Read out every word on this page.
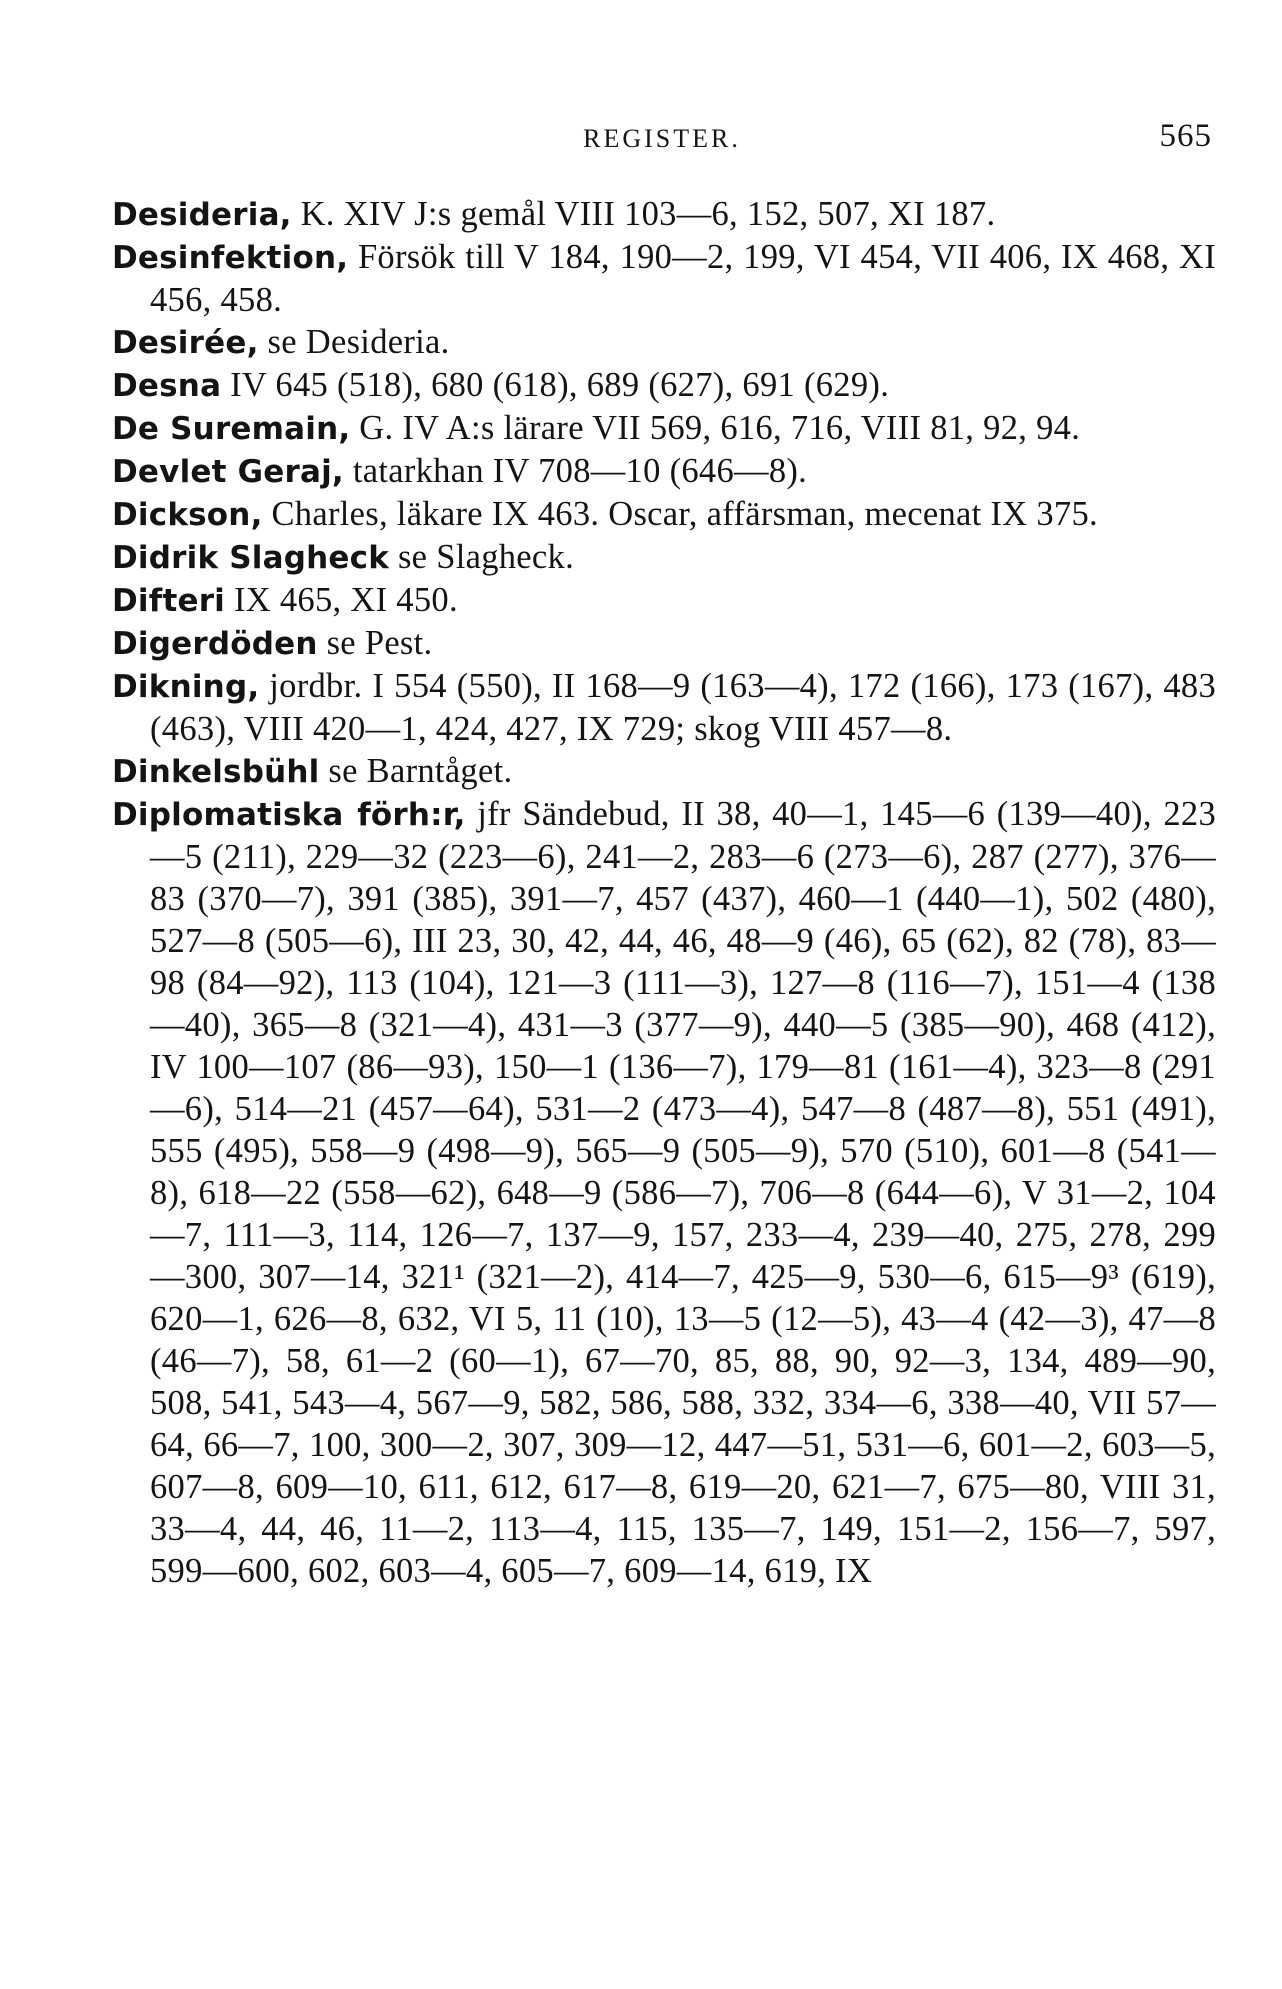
REGISTER.	565
Desideria, K. XIV J:s gemål VIII 103—6, 152, 507, XI 187.
Desinfektion, Försök till V 184, 190—2, 199, VI 454, VII 406, IX 468, XI 456, 458.
Desirée, se Desideria.
Desna IV 645 (518), 680 (618), 689 (627), 691 (629).
De Suremain, G. IV A:s lärare VII 569, 616, 716, VIII 81, 92, 94.
Devlet Geraj, tatarkhan IV 708—10 (646—8).
Dickson, Charles, läkare IX 463. Oscar, affärsman, mecenat IX 375.
Didrik Slagheck se Slagheck.
Difteri IX 465, XI 450.
Digerdöden se Pest.
Dikning, jordbr. I 554 (550), II 168—9 (163—4), 172 (166), 173 (167), 483 (463), VIII 420—1, 424, 427, IX 729; skog VIII 457—8.
Dinkelsbühl se Barntåget.
Diplomatiska förh:r, jfr Sändebud, II 38, 40—1, 145—6 (139—40), 223—5 (211), 229—32 (223—6), 241—2, 283—6 (273—6), 287 (277), 376—83 (370—7), 391 (385), 391—7, 457 (437), 460—1 (440—1), 502 (480), 527—8 (505—6), III 23, 30, 42, 44, 46, 48—9 (46), 65 (62), 82 (78), 83—98 (84—92), 113 (104), 121—3 (111—3), 127—8 (116—7), 151—4 (138—40), 365—8 (321—4), 431—3 (377—9), 440—5 (385—90), 468 (412), IV 100—107 (86—93), 150—1 (136—7), 179—81 (161—4), 323—8 (291—6), 514—21 (457—64), 531—2 (473—4), 547—8 (487—8), 551 (491), 555 (495), 558—9 (498—9), 565—9 (505—9), 570 (510), 601—8 (541—8), 618—22 (558—62), 648—9 (586—7), 706—8 (644—6), V 31—2, 104—7, 111—3, 114, 126—7, 137—9, 157, 233—4, 239—40, 275, 278, 299—300, 307—14, 321¹ (321—2), 414—7, 425—9, 530—6, 615—9³ (619), 620—1, 626—8, 632, VI 5, 11 (10), 13—5 (12—5), 43—4 (42—3), 47—8 (46—7), 58, 61—2 (60—1), 67—70, 85, 88, 90, 92—3, 134, 489—90, 508, 541, 543—4, 567—9, 582, 586, 588, 332, 334—6, 338—40, VII 57—64, 66—7, 100, 300—2, 307, 309—12, 447—51, 531—6, 601—2, 603—5, 607—8, 609—10, 611, 612, 617—8, 619—20, 621—7, 675—80, VIII 31, 33—4, 44, 46, 11—2, 113—4, 115, 135—7, 149, 151—2, 156—7, 597, 599—600, 602, 603—4, 605—7, 609—14, 619, IX
